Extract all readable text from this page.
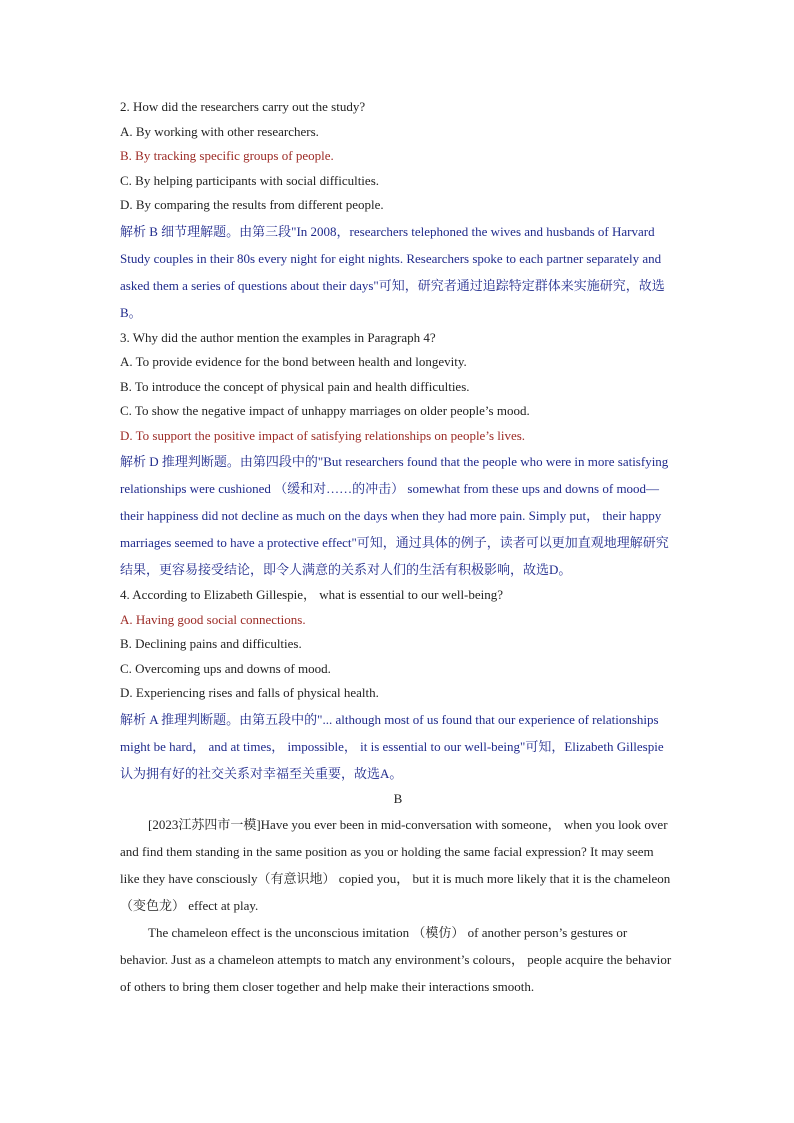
2. How did the researchers carry out the study?

A. By working with other researchers.

B. By tracking specific groups of people.

C. By helping participants with social difficulties.

D. By comparing the results from different people.

解析 B 细节理解题。由第三段"In 2008，researchers telephoned the wives and husbands of Harvard Study couples in their 80s every night for eight nights. Researchers spoke to each partner separately and asked them a series of questions about their days"可知，研究者通过追踪特定群体来实施研究，故选B。

3. Why did the author mention the examples in Paragraph 4?

A. To provide evidence for the bond between health and longevity.

B. To introduce the concept of physical pain and health difficulties.

C. To show the negative impact of unhappy marriages on older people’s mood.

D. To support the positive impact of satisfying relationships on people’s lives.

解析 D 推理判断题。由第四段中的"But researchers found that the people who were in more satisfying relationships were cushioned （缓和对……的冲击） somewhat from these ups and downs of mood— their happiness did not decline as much on the days when they had more pain. Simply put， their happy marriages seemed to have a protective effect"可知，通过具体的例子，读者可以更加直观地理解研究结果，更容易接受结论，即令人满意的关系对人们的生活有积极影响，故选D。

4. According to Elizabeth Gillespie， what is essential to our well-being?

A. Having good social connections.

B. Declining pains and difficulties.

C. Overcoming ups and downs of mood.

D. Experiencing rises and falls of physical health.

解析 A 推理判断题。由第五段中的"... although most of us found that our experience of relationships might be hard， and at times， impossible， it is essential to our well-being"可知，Elizabeth Gillespie 认为拥有好的社交关系对幸福至关重要，故选A。

B

[2023江苏四市一模]Have you ever been in mid-conversation with someone， when you look over and find them standing in the same position as you or holding the same facial expression? It may seem like they have consciously（有意识地） copied you， but it is much more likely that it is the chameleon （变色龙） effect at play.

The chameleon effect is the unconscious imitation （模仿） of another person’s gestures or behavior. Just as a chameleon attempts to match any environment’s colours， people acquire the behavior of others to bring them closer together and help make their interactions smooth.
